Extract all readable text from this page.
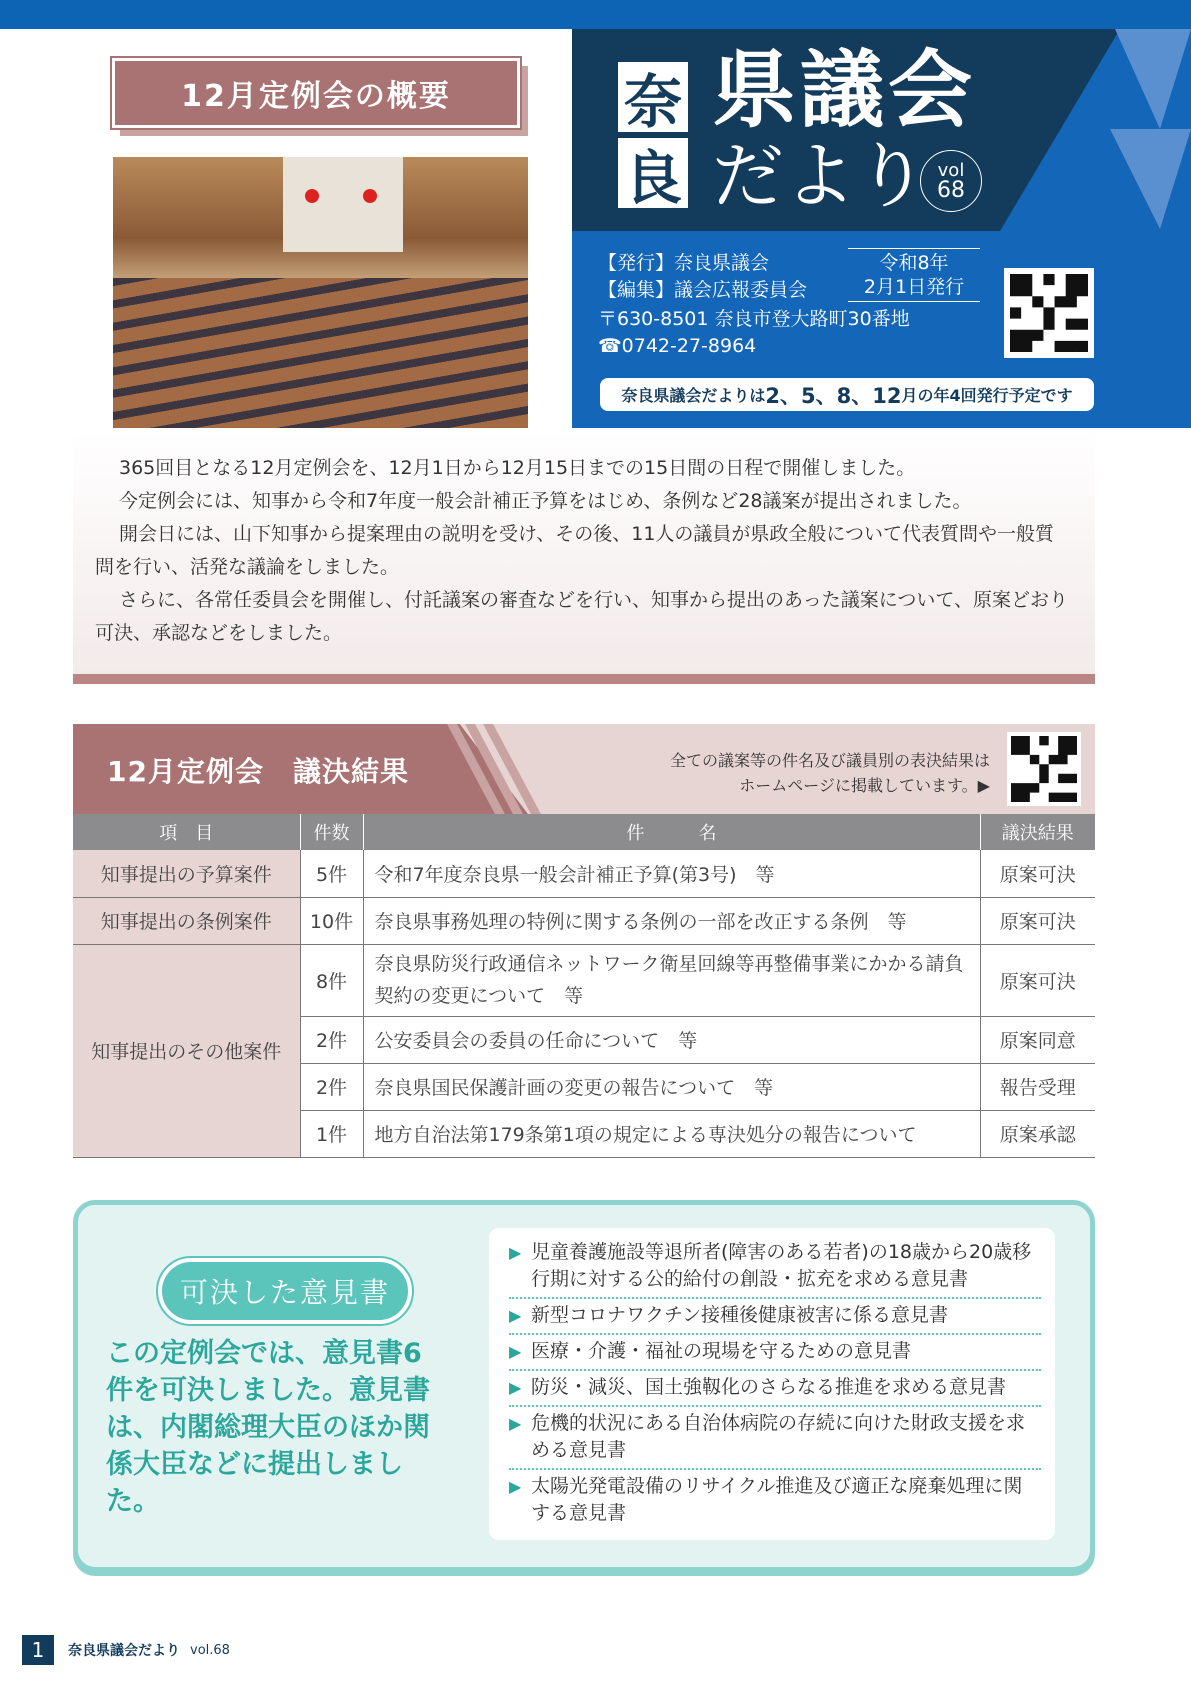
12月定例会の概要	奈
良
県議会
だより vol
68
【発行】奈良県議会
【編集】議会広報委員会
〒630-8501 奈良市登大路町30番地
☎0742-27-8964
令和8年
2月1日発行
奈良県議会だよりは 2、5、8、12 月の年4回発行予定です

365回目となる12月定例会を、12月1日から12月15日までの15日間の日程で開催しました。

今定例会には、知事から令和7年度一般会計補正予算をはじめ、条例など28議案が提出されました。

開会日には、山下知事から提案理由の説明を受け、その後、11人の議員が県政全般について代表質問や一般質問を行い、活発な議論をしました。

さらに、各常任委員会を開催し、付託議案の審査などを行い、知事から提出のあった議案について、原案どおり可決、承認などをしました。

12月定例会　議決結果	全ての議案等の件名及び議員別の表決結果は
ホームページに掲載しています。▶
項　目	件数	件　　　名	議決結果
知事提出の予算案件	5件	令和7年度奈良県一般会計補正予算(第3号)　等	原案可決
知事提出の条例案件	10件	奈良県事務処理の特例に関する条例の一部を改正する条例　等	原案可決
知事提出のその他案件	8件	奈良県防災行政通信ネットワーク衛星回線等再整備事業にかかる請負契約の変更について　等	原案可決
	2件	公安委員会の委員の任命について　等	原案同意
	2件	奈良県国民保護計画の変更の報告について　等	報告受理
	1件	地方自治法第179条第1項の規定による専決処分の報告について	原案承認
可決した意見書
この定例会では、意見書6件を可決しました。意見書は、内閣総理大臣のほか関係大臣などに提出しました。
▶ 児童養護施設等退所者(障害のある若者)の18歳から20歳移行期に対する公的給付の創設・拡充を求める意見書
▶ 新型コロナワクチン接種後健康被害に係る意見書
▶ 医療・介護・福祉の現場を守るための意見書
▶ 防災・減災、国土強靱化のさらなる推進を求める意見書
▶ 危機的状況にある自治体病院の存続に向けた財政支援を求める意見書
▶ 太陽光発電設備のリサイクル推進及び適正な廃棄処理に関する意見書
1	奈良県議会だより vol.68
